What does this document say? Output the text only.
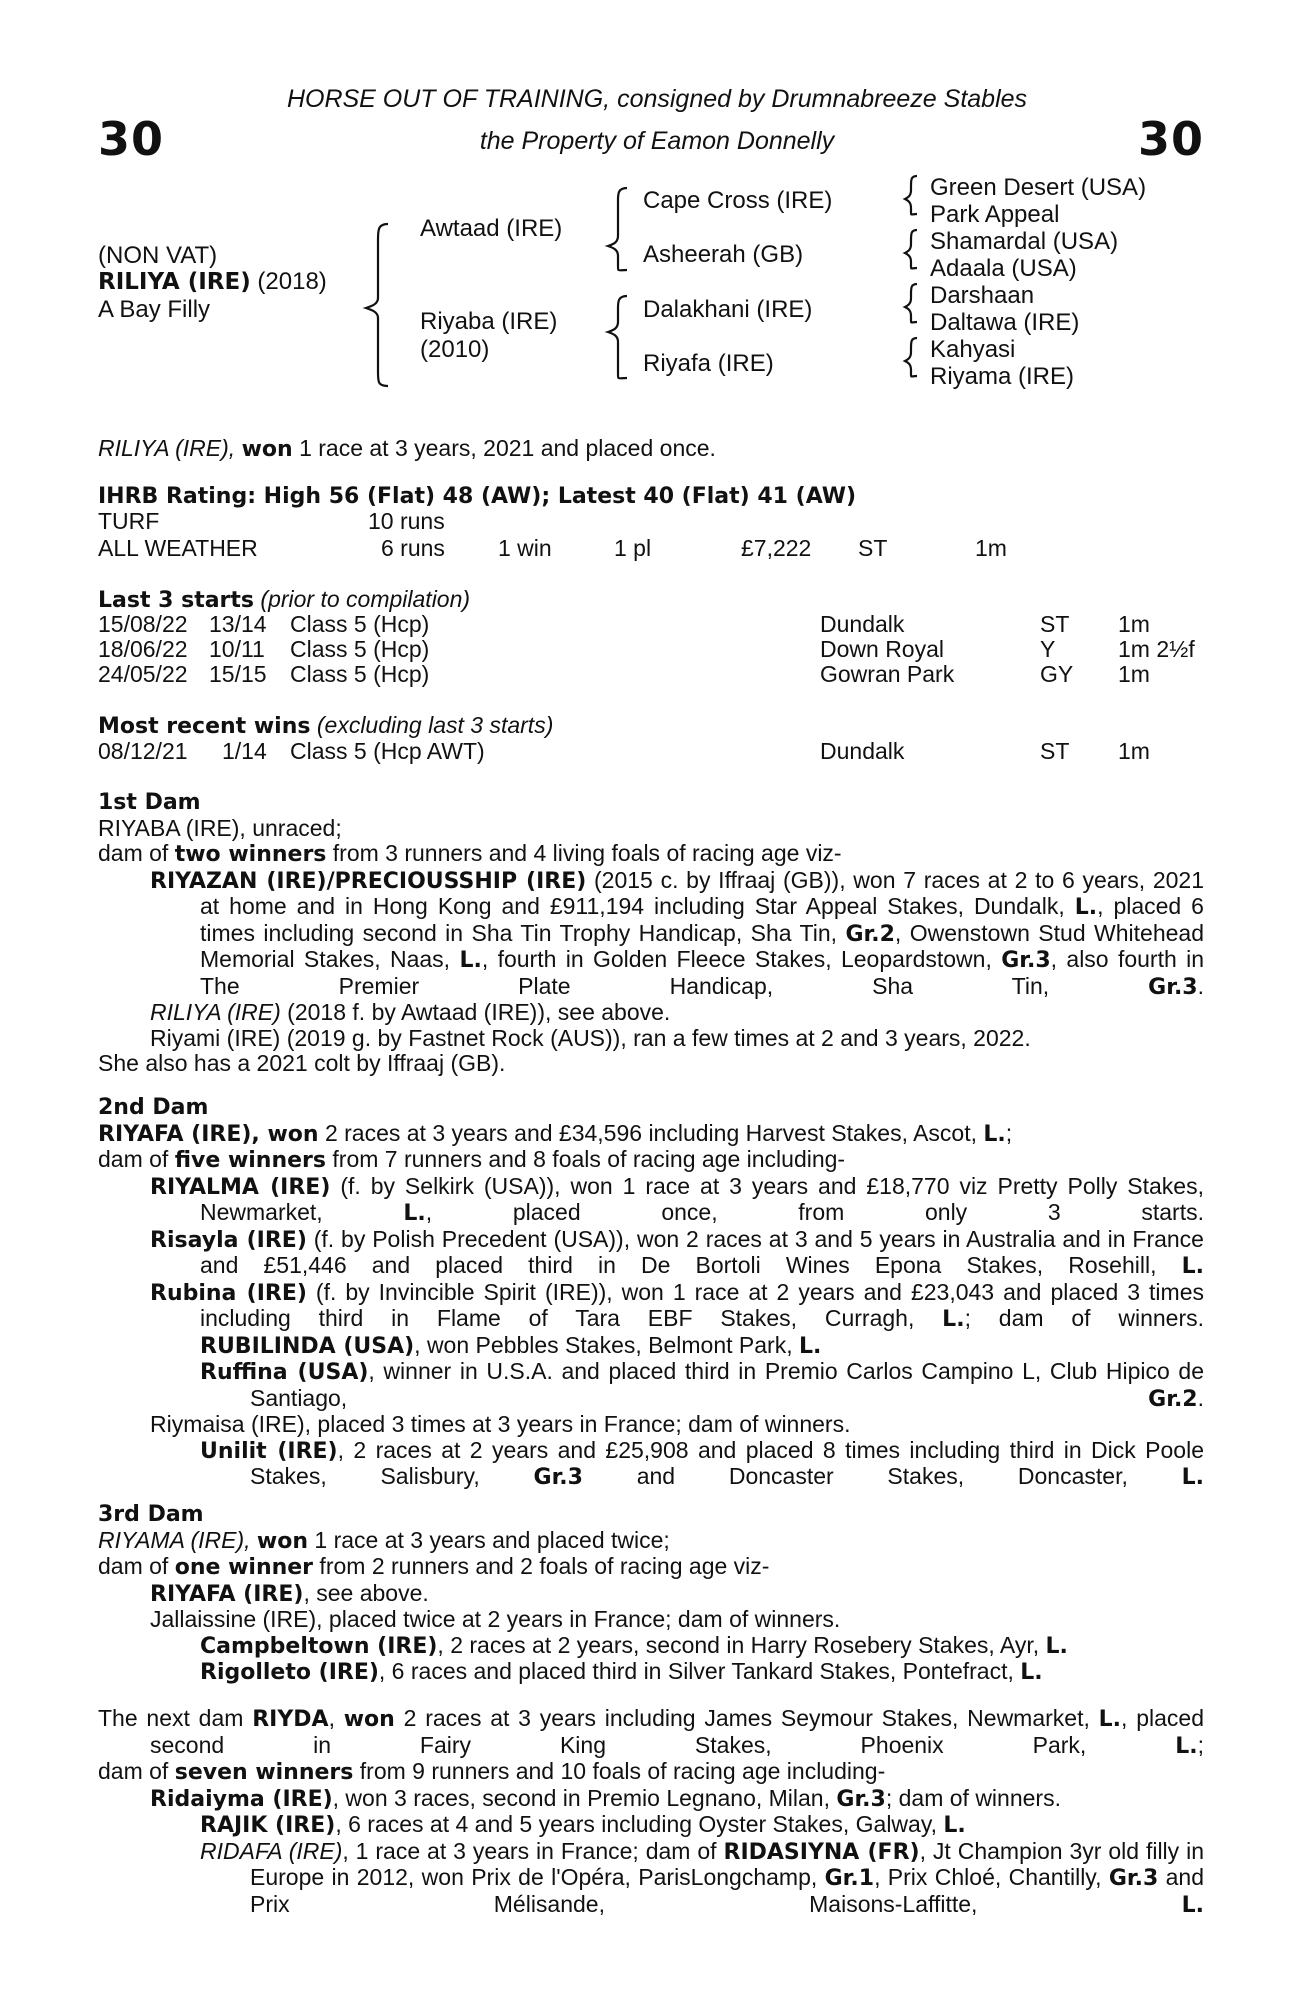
30	30
HORSE OUT OF TRAINING, consigned by Drumnabreeze Stables
the Property of Eamon Donnelly
(NON VAT)
RILIYA (IRE) (2018)
A Bay Filly
Awtaad (IRE)
Riyaba (IRE)
(2010)
Cape Cross (IRE)
Asheerah (GB)
Dalakhani (IRE)
Riyafa (IRE)
Green Desert (USA)
Park Appeal
Shamardal (USA)
Adaala (USA)
Darshaan
Daltawa (IRE)
Kahyasi
Riyama (IRE)
RILIYA (IRE), won 1 race at 3 years, 2021 and placed once.
IHRB Rating: High 56 (Flat) 48 (AW); Latest 40 (Flat) 41 (AW)
TURF	10 runs
ALL WEATHER	6 runs 1 win	1 pl	£7,222 ST	1m
Last 3 starts (prior to compilation)
15/08/22 13/14 Class 5 (Hcp)	Dundalk	ST 1m
18/06/22 10/11 Class 5 (Hcp)	Down Royal	Y	1m 2½f
24/05/22 15/15 Class 5 (Hcp)	Gowran Park	GY 1m
Most recent wins (excluding last 3 starts)
08/12/21 1/14 Class 5 (Hcp AWT)	Dundalk	ST 1m
1st Dam
RIYABA (IRE), unraced;
dam of two winners from 3 runners and 4 living foals of racing age viz-
RIYAZAN (IRE)/PRECIOUSSHIP (IRE) (2015 c. by Iffraaj (GB)), won 7 races at 2 to 6 years, 2021 at home and in Hong Kong and £911,194 including Star Appeal Stakes, Dundalk, L., placed 6 times including second in Sha Tin Trophy Handicap, Sha Tin, Gr.2, Owenstown Stud Whitehead Memorial Stakes, Naas, L., fourth in Golden Fleece Stakes, Leopardstown, Gr.3, also fourth in The Premier Plate Handicap, Sha Tin, Gr.3.
RILIYA (IRE) (2018 f. by Awtaad (IRE)), see above.
Riyami (IRE) (2019 g. by Fastnet Rock (AUS)), ran a few times at 2 and 3 years, 2022.
She also has a 2021 colt by Iffraaj (GB).
2nd Dam
RIYAFA (IRE), won 2 races at 3 years and £34,596 including Harvest Stakes, Ascot, L.;
dam of five winners from 7 runners and 8 foals of racing age including-
RIYALMA (IRE) (f. by Selkirk (USA)), won 1 race at 3 years and £18,770 viz Pretty Polly Stakes, Newmarket, L., placed once, from only 3 starts.
Risayla (IRE) (f. by Polish Precedent (USA)), won 2 races at 3 and 5 years in Australia and in France and £51,446 and placed third in De Bortoli Wines Epona Stakes, Rosehill, L.
Rubina (IRE) (f. by Invincible Spirit (IRE)), won 1 race at 2 years and £23,043 and placed 3 times including third in Flame of Tara EBF Stakes, Curragh, L.; dam of winners.
RUBILINDA (USA), won Pebbles Stakes, Belmont Park, L.
Ruffina (USA), winner in U.S.A. and placed third in Premio Carlos Campino L, Club Hipico de Santiago, Gr.2.
Riymaisa (IRE), placed 3 times at 3 years in France; dam of winners.
Unilit (IRE), 2 races at 2 years and £25,908 and placed 8 times including third in Dick Poole Stakes, Salisbury, Gr.3 and Doncaster Stakes, Doncaster, L.
3rd Dam
RIYAMA (IRE), won 1 race at 3 years and placed twice;
dam of one winner from 2 runners and 2 foals of racing age viz-
RIYAFA (IRE), see above.
Jallaissine (IRE), placed twice at 2 years in France; dam of winners.
Campbeltown (IRE), 2 races at 2 years, second in Harry Rosebery Stakes, Ayr, L.
Rigolleto (IRE), 6 races and placed third in Silver Tankard Stakes, Pontefract, L.
The next dam RIYDA, won 2 races at 3 years including James Seymour Stakes, Newmarket, L., placed second in Fairy King Stakes, Phoenix Park, L.;
dam of seven winners from 9 runners and 10 foals of racing age including-
Ridaiyma (IRE), won 3 races, second in Premio Legnano, Milan, Gr.3; dam of winners.
RAJIK (IRE), 6 races at 4 and 5 years including Oyster Stakes, Galway, L.
RIDAFA (IRE), 1 race at 3 years in France; dam of RIDASIYNA (FR), Jt Champion 3yr old filly in Europe in 2012, won Prix de l'Opéra, ParisLongchamp, Gr.1, Prix Chloé, Chantilly, Gr.3 and Prix Mélisande, Maisons-Laffitte, L.
